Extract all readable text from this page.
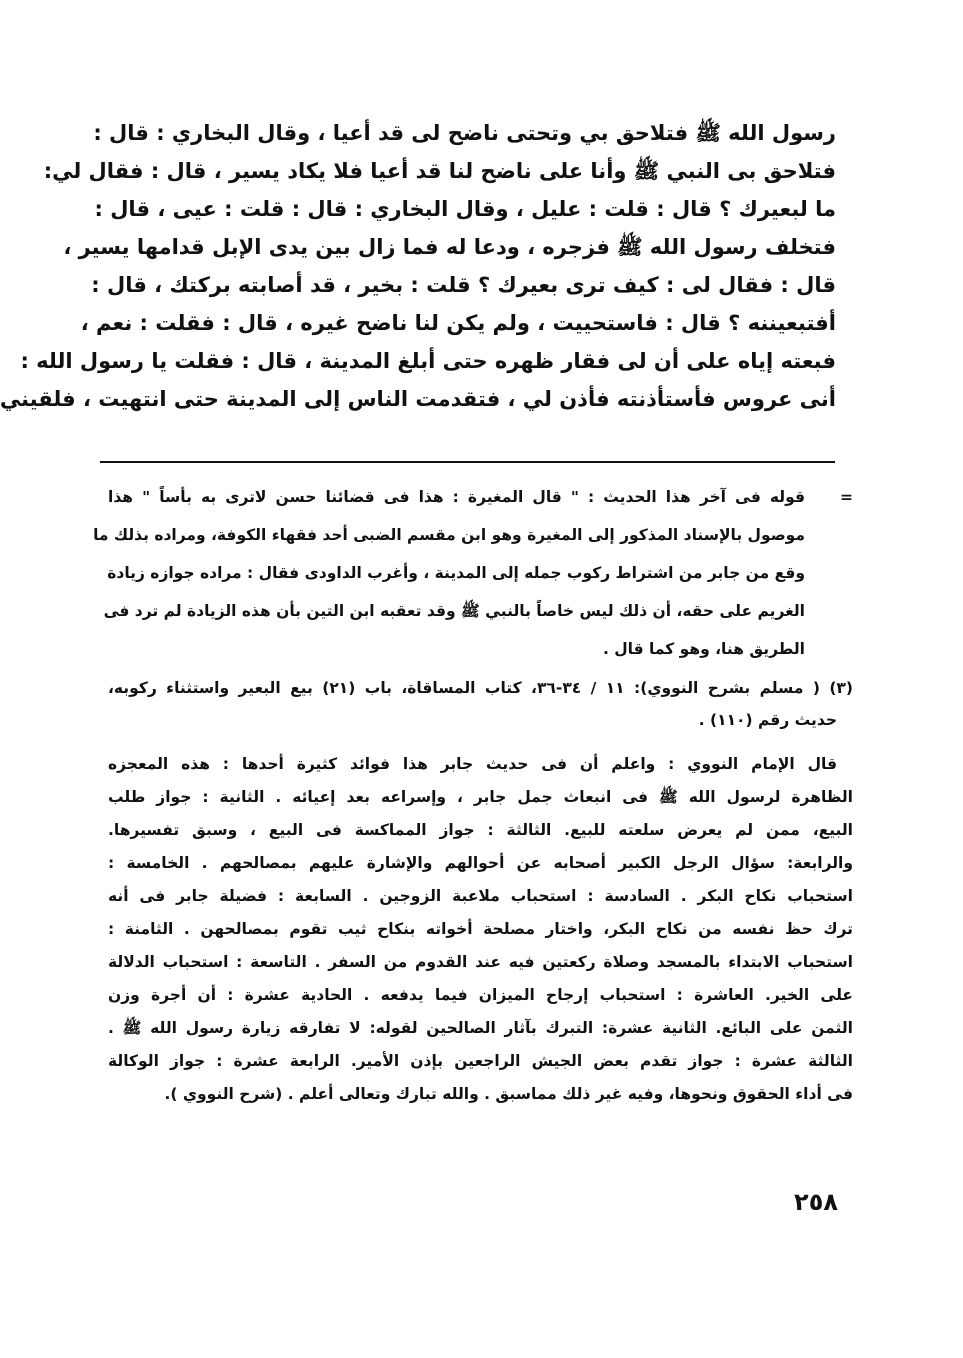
رسول الله ﷺ فتلاحق بي وتحتى ناضح لى قد أعيا ، وقال البخاري : قال :
فتلاحق بى النبي ﷺ وأنا على ناضح لنا قد أعيا فلا يكاد يسير ، قال : فقال لي:
ما لبعيرك ؟ قال : قلت : عليل ، وقال البخاري : قال : قلت : عيى ، قال :
فتخلف رسول الله ﷺ فزجره ، ودعا له فما زال بين يدى الإبل قدامها يسير ،
قال : فقال لى : كيف ترى بعيرك ؟ قلت : بخير ، قد أصابته بركتك ، قال :
أفتبعيننه ؟ قال : فاستحييت ، ولم يكن لنا ناضح غيره ، قال : فقلت : نعم ،
فبعته إياه على أن لى فقار ظهره حتى أبلغ المدينة ، قال : فقلت يا رسول الله :
أنى عروس فأستأذنته فأذن لي ، فتقدمت الناس إلى المدينة حتى انتهيت ، فلقيني
=
قوله فى آخر هذا الحديث : " قال المغيرة : هذا فى قضائنا حسن لاترى به بأساً " هذا
موصول بالإسناد المذكور إلى المغيرة وهو ابن مقسم الضبى أحد فقهاء الكوفة، ومراده بذلك ما
وقع من جابر من اشتراط ركوب جمله إلى المدينة ، وأغرب الداودى فقال : مراده جوازه زيادة
الغريم على حقه، أن ذلك ليس خاصاً بالنبي ﷺ وقد تعقبه ابن التين بأن هذه الزيادة لم ترد فى
الطريق هنا، وهو كما قال .
(٣) ( مسلم بشرح النووي): ١١ / ٣٤-٣٦، كتاب المساقاة، باب (٢١) بيع البعير واستثناء ركوبه،
حديث رقم (١١٠) .
قال الإمام النووي : واعلم أن فى حديث جابر هذا فوائد كثيرة أحدها : هذه المعجزه
الظاهرة لرسول الله ﷺ فى انبعاث جمل جابر ، وإسراعه بعد إعيائه . الثانية : جواز طلب
البيع، ممن لم يعرض سلعته للبيع. الثالثة : جواز المماكسة فى البيع ، وسبق تفسيرها.
والرابعة: سؤال الرجل الكبير أصحابه عن أحوالهم والإشارة عليهم بمصالحهم . الخامسة :
استحباب نكاح البكر . السادسة : استحباب ملاعبة الزوجين . السابعة : فضيلة جابر فى أنه
ترك حظ نفسه من نكاح البكر، واختار مصلحة أخواته بنكاح ثيب تقوم بمصالحهن . الثامنة :
استحباب الابتداء بالمسجد وصلاة ركعتين فيه عند القدوم من السفر . التاسعة : استحباب الدلالة
على الخير. العاشرة : استحباب إرجاح الميزان فيما يدفعه . الحادية عشرة : أن أجرة وزن
الثمن على البائع. الثانية عشرة: التبرك بآثار الصالحين لقوله: لا تفارقه زيارة رسول الله ﷺ .
الثالثة عشرة : جواز تقدم بعض الجيش الراجعين بإذن الأمير. الرابعة عشرة : جواز الوكالة
فى أداء الحقوق ونحوها، وفيه غير ذلك مماسبق . والله تبارك وتعالى أعلم . (شرح النووي ).
٢٥٨
